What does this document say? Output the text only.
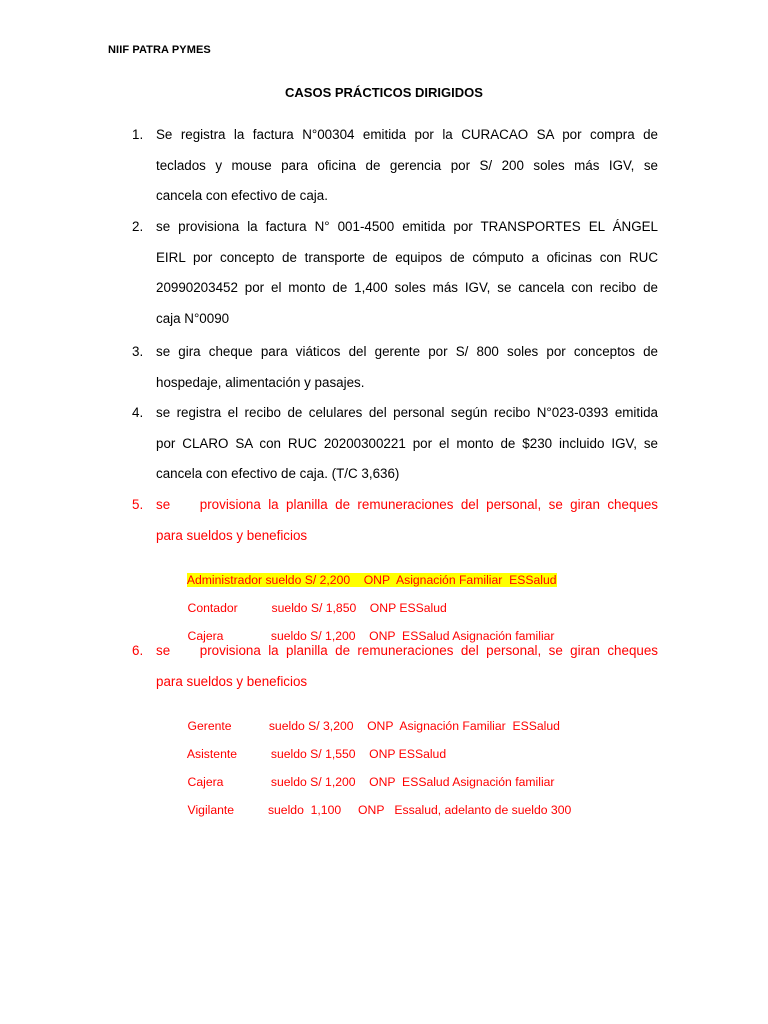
NIIF PATRA PYMES
CASOS PRÁCTICOS DIRIGIDOS
1. Se registra la factura N°00304 emitida por la CURACAO SA por compra de
teclados y mouse para oficina de gerencia por S/ 200 soles más IGV, se
cancela con efectivo de caja.
2. se provisiona la factura N° 001-4500 emitida por TRANSPORTES EL ÁNGEL
EIRL por concepto de transporte de equipos de cómputo a oficinas con RUC
20990203452 por el monto de 1,400 soles más IGV, se cancela con recibo de
caja N°0090
3. se gira cheque para viáticos del gerente por S/ 800 soles por conceptos de
hospedaje, alimentación y pasajes.
4. se registra el recibo de celulares del personal según recibo N°023-0393 emitida
por CLARO SA con RUC 20200300221 por el monto de $230 incluido IGV, se
cancela con efectivo de caja. (T/C 3,636)
5. se    provisiona la planilla de remuneraciones del personal, se giran cheques
para sueldos y beneficios

Administrador sueldo S/ 2,200    ONP  Asignación Familiar  ESSalud

Contador          sueldo S/ 1,850    ONP ESSalud

Cajera              sueldo S/ 1,200    ONP  ESSalud Asignación familiar

6. se    provisiona la planilla de remuneraciones del personal, se giran cheques
para sueldos y beneficios

Gerente           sueldo S/ 3,200    ONP  Asignación Familiar  ESSalud

Asistente          sueldo S/ 1,550    ONP ESSalud

Cajera              sueldo S/ 1,200    ONP  ESSalud Asignación familiar

Vigilante          sueldo  1,100     ONP   Essalud, adelanto de sueldo 300
